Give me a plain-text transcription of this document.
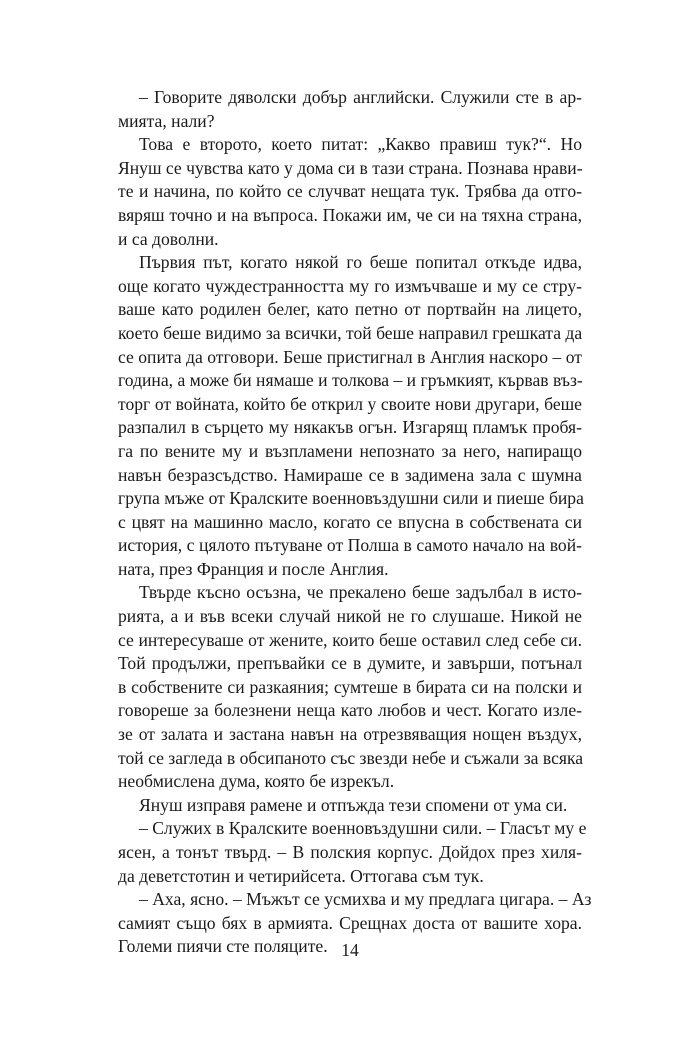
– Говорите дяволски добър английски. Служили сте в ар-
мията, нали?
Това е второто, което питат: „Какво правиш тук?“. Но
Януш се чувства като у дома си в тази страна. Познава нрави-
те и начина, по който се случват нещата тук. Трябва да отго-
вяряш точно и на въпроса. Покажи им, че си на тяхна страна,
и са доволни.
Първия път, когато някой го беше попитал откъде идва,
още когато чуждестранността му го измъчваше и му се стру-
ваше като родилен белег, като петно от портвайн на лицето,
което беше видимо за всички, той беше направил грешката да
се опита да отговори. Беше пристигнал в Англия наскоро – от
година, а може би нямаше и толкова – и гръмкият, кървав въз-
торг от войната, който бе открил у своите нови другари, беше
разпалил в сърцето му някакъв огън. Изгарящ пламък пробя-
га по вените му и възпламени непознато за него, напиращо
навън безразсъдство. Намираше се в задимена зала с шумна
група мъже от Кралските военновъздушни сили и пиеше бира
с цвят на машинно масло, когато се впусна в собствената си
история, с цялото пътуване от Полша в самото начало на вой-
ната, през Франция и после Англия.
Твърде късно осъзна, че прекалено беше задълбал в исто-
рията, а и във всеки случай никой не го слушаше. Никой не
се интересуваше от жените, които беше оставил след себе си.
Той продължи, препъвайки се в думите, и завърши, потънал
в собствените си разкаяния; сумтеше в бирата си на полски и
говореше за болезнени неща като любов и чест. Когато изле-
зе от залата и застана навън на отрезвяващия нощен въздух,
той се загледа в обсипаното със звезди небе и съжали за всяка
необмислена дума, която бе изрекъл.
Януш изправя рамене и отпъжда тези спомени от ума си.
– Служих в Кралските военновъздушни сили. – Гласът му е
ясен, а тонът твърд. – В полския корпус. Дойдох през хиля-
да деветстотин и четирийсета. Оттогава съм тук.
– Аха, ясно. – Мъжът се усмихва и му предлага цигара. – Аз
самият също бях в армията. Срещнах доста от вашите хора.
Големи пиячи сте поляците. 14
